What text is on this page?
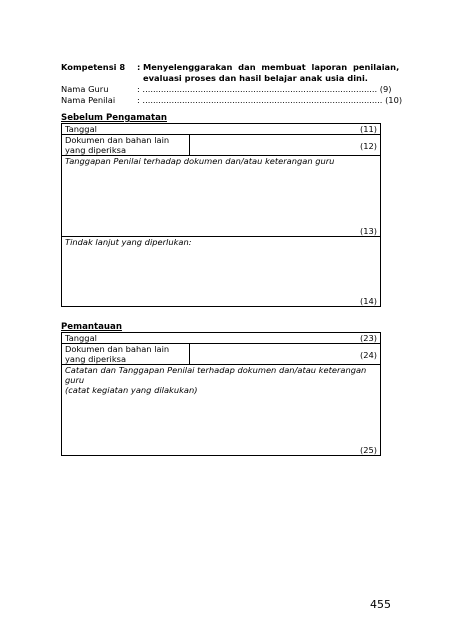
Kompetensi 8 : Menyelenggarakan  dan  membuat  laporan  penilaian,
evaluasi proses dan hasil belajar anak usia dini.
Nama Guru	: ......................................................................................... (9)
Nama Penilai	: ........................................................................................... (10)
Sebelum Pengamatan
Tanggal	(11)

Dokumen dan bahan lain
yang diperiksa	(12)

Tanggapan Penilai terhadap dokumen dan/atau keterangan guru
(13)

Tindak lanjut yang diperlukan:
(14)
Pemantauan
Tanggal	(23)

Dokumen dan bahan lain
yang diperiksa	(24)

Catatan dan Tanggapan Penilai terhadap dokumen dan/atau keterangan guru
(catat kegiatan yang dilakukan)
(25)
455
